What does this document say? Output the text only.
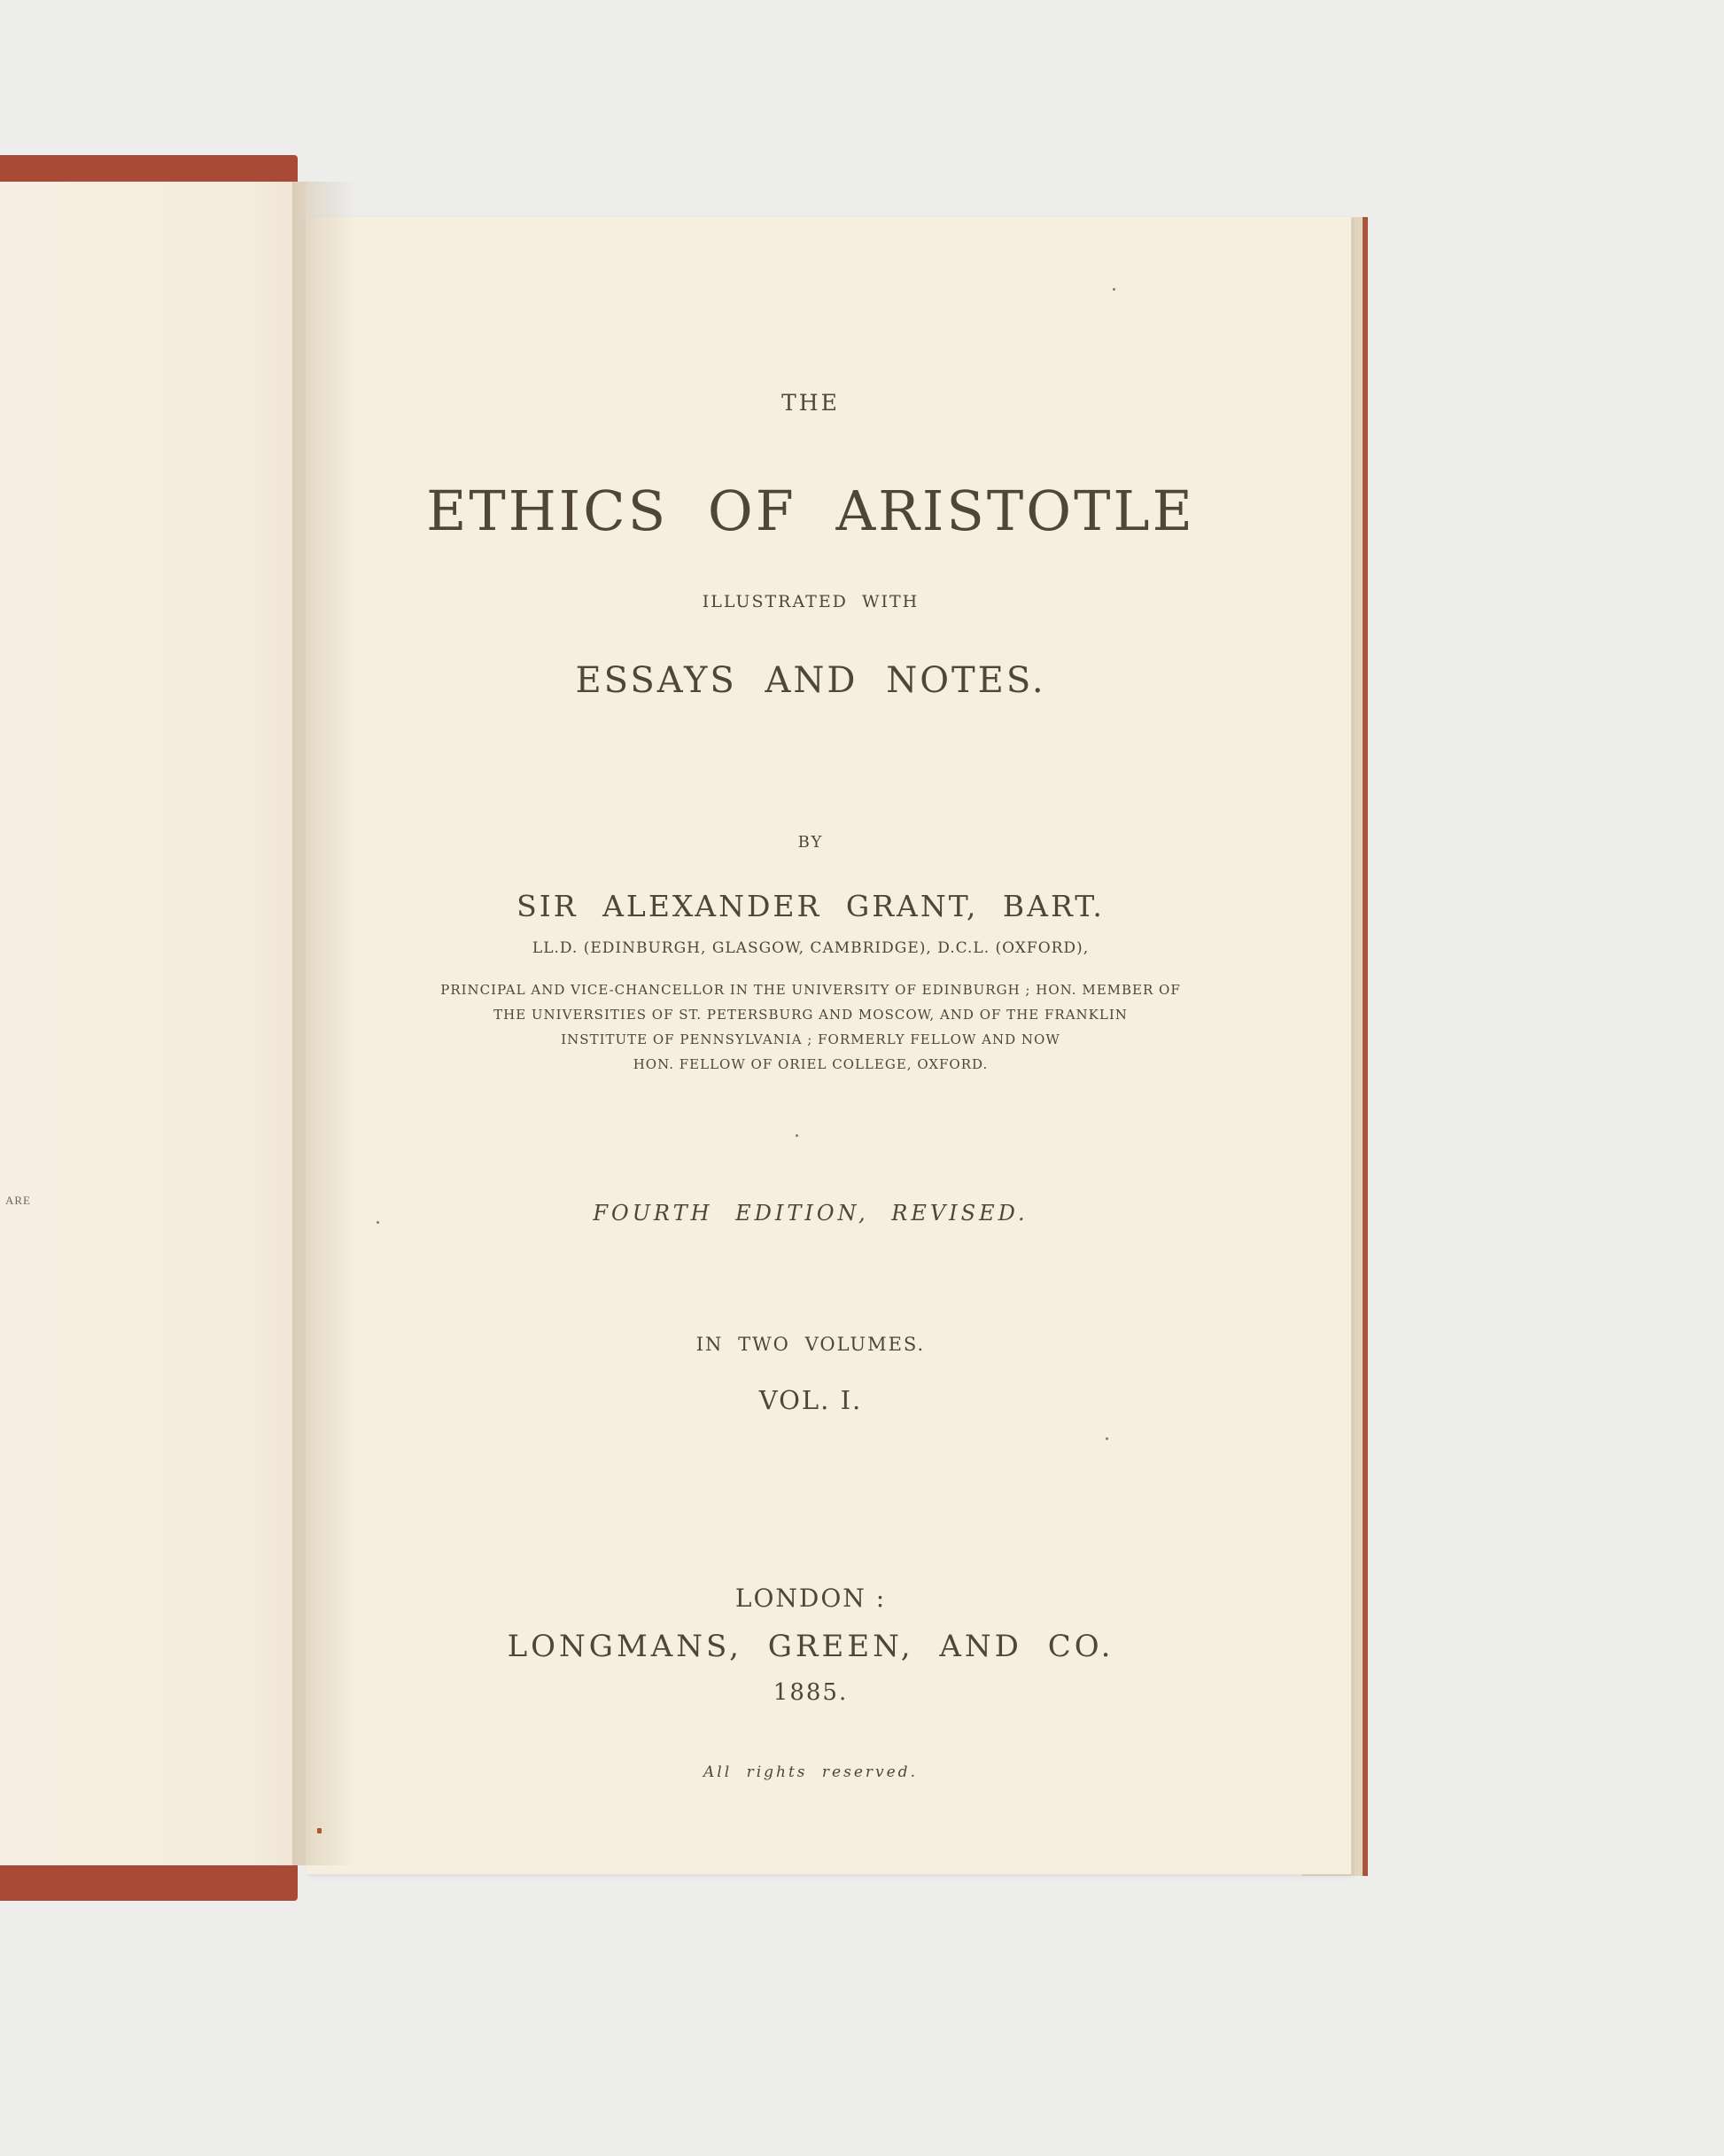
ARE
THE
ETHICS OF ARISTOTLE
ILLUSTRATED WITH
ESSAYS AND NOTES.
BY
SIR ALEXANDER GRANT, BART.
LL.D. (EDINBURGH, GLASGOW, CAMBRIDGE), D.C.L. (OXFORD),
PRINCIPAL AND VICE-CHANCELLOR IN THE UNIVERSITY OF EDINBURGH ; HON. MEMBER OF
THE UNIVERSITIES OF ST. PETERSBURG AND MOSCOW, AND OF THE FRANKLIN
INSTITUTE OF PENNSYLVANIA ; FORMERLY FELLOW AND NOW
HON. FELLOW OF ORIEL COLLEGE, OXFORD.
FOURTH EDITION, REVISED.
IN TWO VOLUMES.
VOL. I.
LONDON :
LONGMANS, GREEN, AND CO.
1885.
All rights reserved.
